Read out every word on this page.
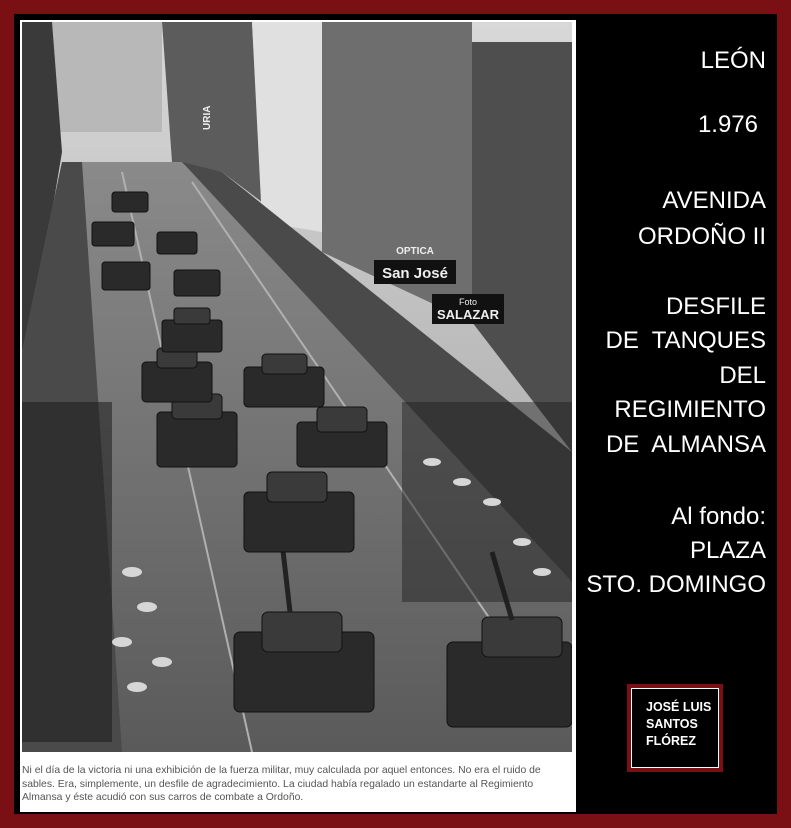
OPTICA
San José
Foto
SALAZAR
URIA
Ni el día de la victoria ni una exhibición de la fuerza militar, muy calculada por aquel entonces. No era el ruido de sables. Era, simplemente, un desfile de agradecimiento. La ciudad había regalado un estandarte al Regimiento Almansa y éste acudió con sus carros de combate a Ordoño.
LEÓN
1.976
AVENIDA
ORDOÑO II
DESFILE
DE  TANQUES
DEL
REGIMIENTO
DE  ALMANSA
Al fondo:
PLAZA
STO. DOMINGO
JOSÉ LUIS
SANTOS
FLÓREZ
